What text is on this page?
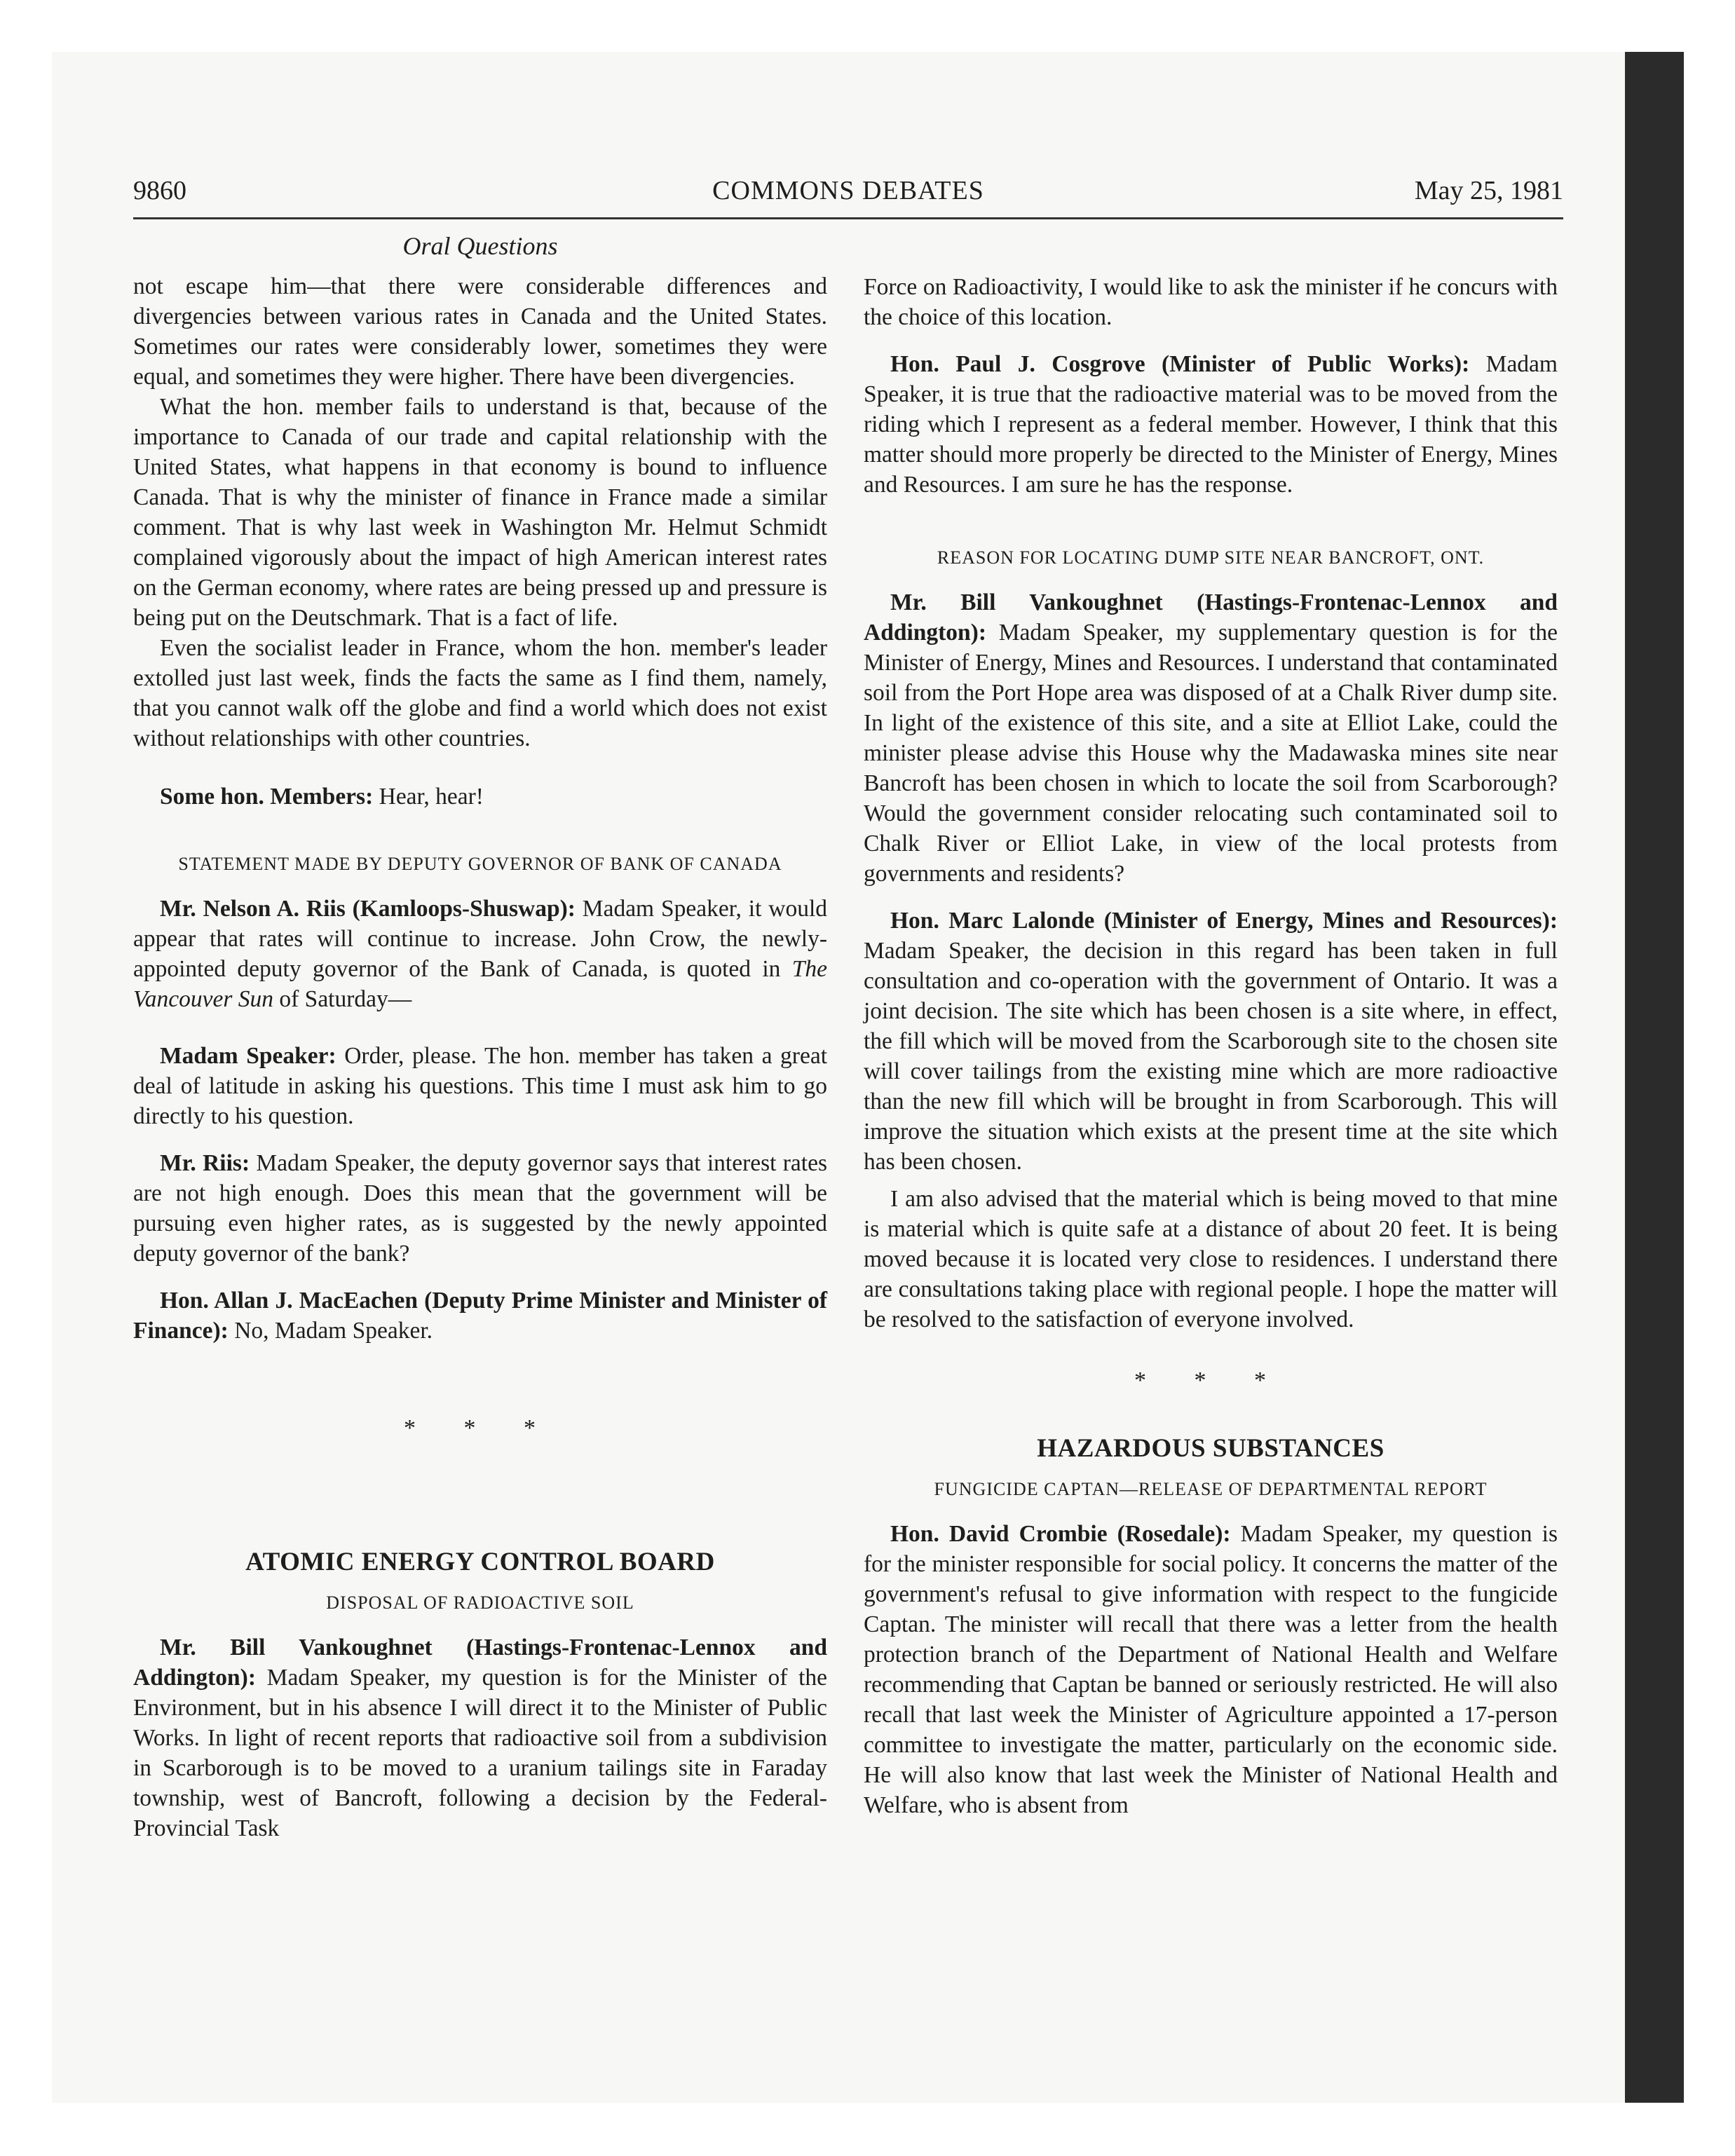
9860	COMMONS DEBATES	May 25, 1981
Oral Questions

not escape him—that there were considerable differences and divergencies between various rates in Canada and the United States. Sometimes our rates were considerably lower, sometimes they were equal, and sometimes they were higher. There have been divergencies.

What the hon. member fails to understand is that, because of the importance to Canada of our trade and capital relationship with the United States, what happens in that economy is bound to influence Canada. That is why the minister of finance in France made a similar comment. That is why last week in Washington Mr. Helmut Schmidt complained vigorously about the impact of high American interest rates on the German economy, where rates are being pressed up and pressure is being put on the Deutschmark. That is a fact of life.

Even the socialist leader in France, whom the hon. member's leader extolled just last week, finds the facts the same as I find them, namely, that you cannot walk off the globe and find a world which does not exist without relationships with other countries.

Some hon. Members: Hear, hear!

STATEMENT MADE BY DEPUTY GOVERNOR OF BANK OF CANADA

Mr. Nelson A. Riis (Kamloops-Shuswap): Madam Speaker, it would appear that rates will continue to increase. John Crow, the newly-appointed deputy governor of the Bank of Canada, is quoted in The Vancouver Sun of Saturday—

Madam Speaker: Order, please. The hon. member has taken a great deal of latitude in asking his questions. This time I must ask him to go directly to his question.

Mr. Riis: Madam Speaker, the deputy governor says that interest rates are not high enough. Does this mean that the government will be pursuing even higher rates, as is suggested by the newly appointed deputy governor of the bank?

Hon. Allan J. MacEachen (Deputy Prime Minister and Minister of Finance): No, Madam Speaker.

* * *
ATOMIC ENERGY CONTROL BOARD
DISPOSAL OF RADIOACTIVE SOIL

Mr. Bill Vankoughnet (Hastings-Frontenac-Lennox and Addington): Madam Speaker, my question is for the Minister of the Environment, but in his absence I will direct it to the Minister of Public Works. In light of recent reports that radioactive soil from a subdivision in Scarborough is to be moved to a uranium tailings site in Faraday township, west of Bancroft, following a decision by the Federal-Provincial Task

Force on Radioactivity, I would like to ask the minister if he concurs with the choice of this location.

Hon. Paul J. Cosgrove (Minister of Public Works): Madam Speaker, it is true that the radioactive material was to be moved from the riding which I represent as a federal member. However, I think that this matter should more properly be directed to the Minister of Energy, Mines and Resources. I am sure he has the response.

REASON FOR LOCATING DUMP SITE NEAR BANCROFT, ONT.

Mr. Bill Vankoughnet (Hastings-Frontenac-Lennox and Addington): Madam Speaker, my supplementary question is for the Minister of Energy, Mines and Resources. I understand that contaminated soil from the Port Hope area was disposed of at a Chalk River dump site. In light of the existence of this site, and a site at Elliot Lake, could the minister please advise this House why the Madawaska mines site near Bancroft has been chosen in which to locate the soil from Scarborough? Would the government consider relocating such contaminated soil to Chalk River or Elliot Lake, in view of the local protests from governments and residents?

Hon. Marc Lalonde (Minister of Energy, Mines and Resources): Madam Speaker, the decision in this regard has been taken in full consultation and co-operation with the government of Ontario. It was a joint decision. The site which has been chosen is a site where, in effect, the fill which will be moved from the Scarborough site to the chosen site will cover tailings from the existing mine which are more radioactive than the new fill which will be brought in from Scarborough. This will improve the situation which exists at the present time at the site which has been chosen.

I am also advised that the material which is being moved to that mine is material which is quite safe at a distance of about 20 feet. It is being moved because it is located very close to residences. I understand there are consultations taking place with regional people. I hope the matter will be resolved to the satisfaction of everyone involved.

* * *
HAZARDOUS SUBSTANCES
FUNGICIDE CAPTAN—RELEASE OF DEPARTMENTAL REPORT

Hon. David Crombie (Rosedale): Madam Speaker, my question is for the minister responsible for social policy. It concerns the matter of the government's refusal to give information with respect to the fungicide Captan. The minister will recall that there was a letter from the health protection branch of the Department of National Health and Welfare recommending that Captan be banned or seriously restricted. He will also recall that last week the Minister of Agriculture appointed a 17-person committee to investigate the matter, particularly on the economic side. He will also know that last week the Minister of National Health and Welfare, who is absent from
